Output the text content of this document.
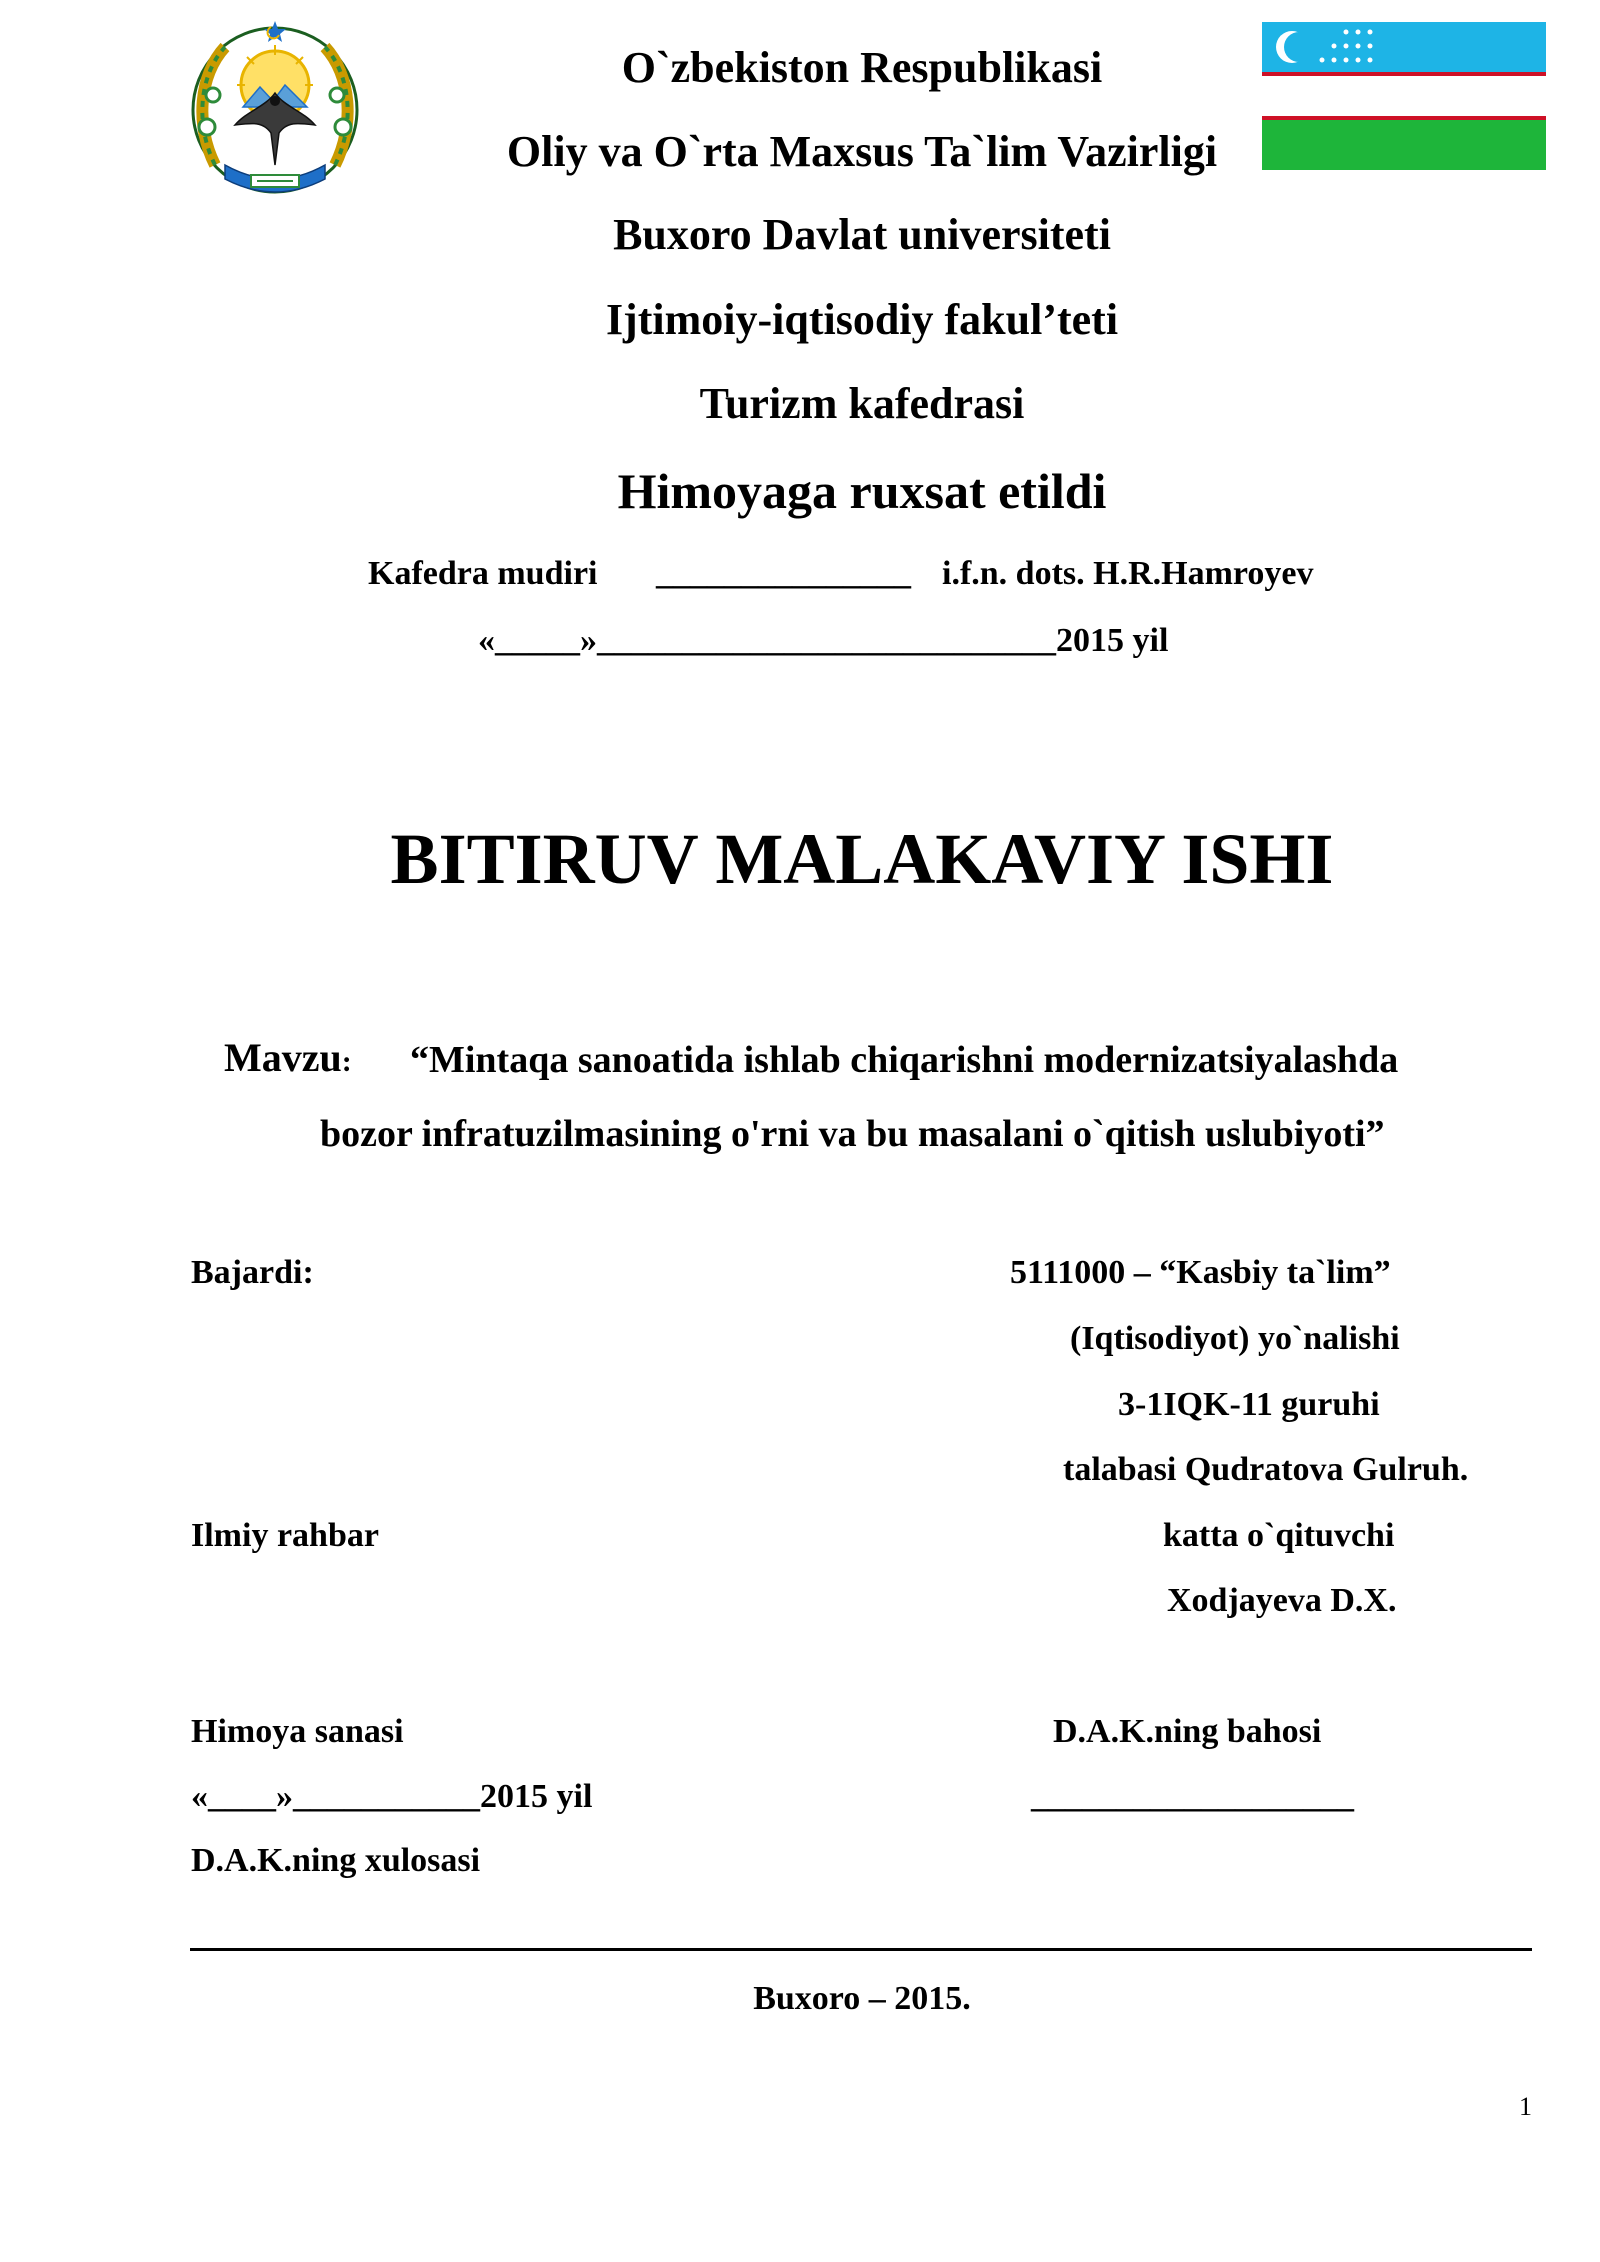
O`zbekiston Respublikasi
Oliy va O`rta Maxsus Ta`lim Vazirligi
Buxoro Davlat universiteti
Ijtimoiy-iqtisodiy fakul’teti
Turizm kafedrasi
Himoyaga ruxsat etildi
Kafedra mudiri _______________ i.f.n. dots. H.R.Hamroyev
«_____»___________________________2015 yil
BITIRUV MALAKAVIY ISHI
Mavzu: “Mintaqa sanoatida ishlab chiqarishni modernizatsiyalashda
bozor infratuzilmasining o'rni va bu masalani o`qitish uslubiyoti”
Bajardi:	5111000 – “Kasbiy ta`lim”
(Iqtisodiyot) yo`nalishi
3-1IQK-11 guruhi
talabasi Qudratova Gulruh.
Ilmiy rahbar	katta o`qituvchi
Xodjayeva D.X.
Himoya sanasi	D.A.K.ning bahosi
«____»___________2015 yil	___________________
D.A.K.ning xulosasi
Buxoro – 2015.
1
